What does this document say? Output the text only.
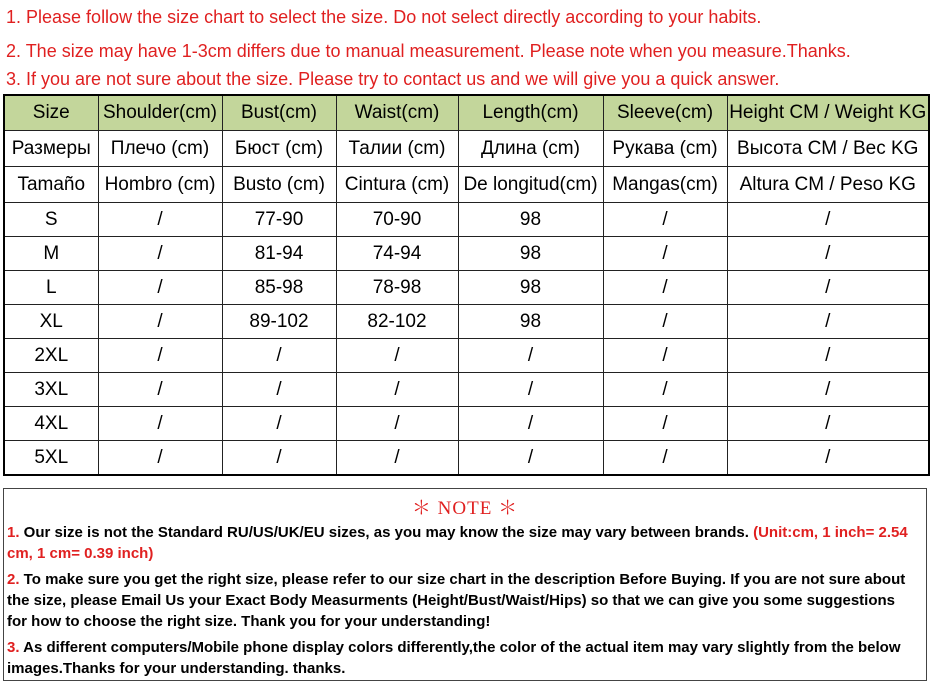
1. Please follow the size chart to select the size. Do not select directly according to your habits.
2. The size may have 1-3cm differs due to manual measurement. Please note when you measure.Thanks.
3. If you are not sure about the size. Please try to contact us and we will give you a quick answer.
Size	Shoulder(cm)	Bust(cm)	Waist(cm)	Length(cm)	Sleeve(cm)	Height CM / Weight KG
Размеры	Плечо (cm)	Бюст (cm)	Талии (cm)	Длина (cm)	Рукава (cm)	Высота CM / Вес KG
Tamaño	Hombro (cm)	Busto (cm)	Cintura (cm)	De longitud(cm)	Mangas(cm)	Altura CM / Peso KG
S	/	77-90	70-90	98	/	/
M	/	81-94	74-94	98	/	/
L	/	85-98	78-98	98	/	/
XL	/	89-102	82-102	98	/	/
2XL	/	/	/	/	/	/
3XL	/	/	/	/	/	/
4XL	/	/	/	/	/	/
5XL	/	/	/	/	/	/
＊ NOTE ＊
1. Our size is not the Standard RU/US/UK/EU sizes, as you may know the size may vary between brands. (Unit:cm, 1 inch= 2.54 cm, 1 cm= 0.39 inch)
2. To make sure you get the right size, please refer to our size chart in the description Before Buying. If you are not sure about the size, please Email Us your Exact Body Measurments (Height/Bust/Waist/Hips) so that we can give you some suggestions for how to choose the right size. Thank you for your understanding!
3. As different computers/Mobile phone display colors differently,the color of the actual item may vary slightly from the below images.Thanks for your understanding. thanks.
